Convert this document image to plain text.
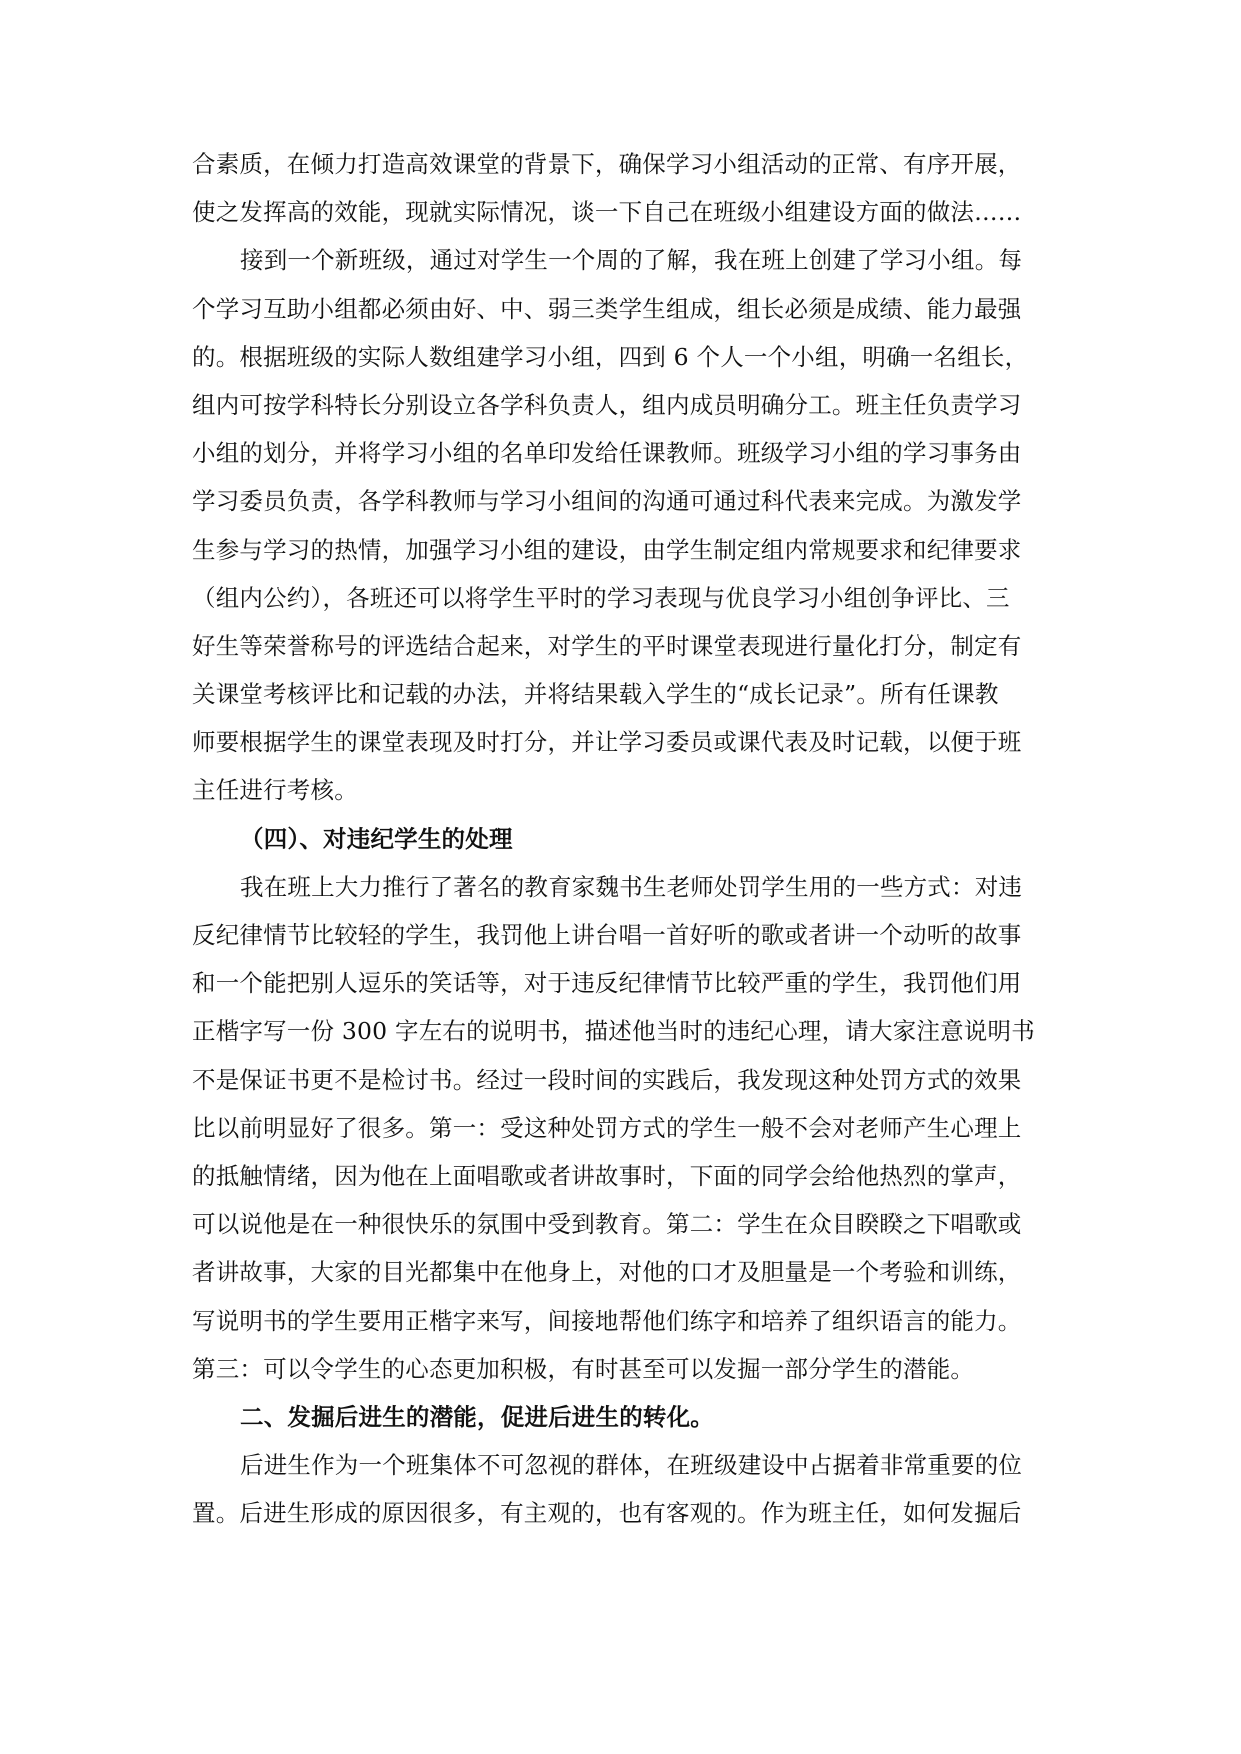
合素质，在倾力打造高效课堂的背景下，确保学习小组活动的正常、有序开展，
使之发挥高的效能，现就实际情况，谈一下自己在班级小组建设方面的做法……
接到一个新班级，通过对学生一个周的了解，我在班上创建了学习小组。每
个学习互助小组都必须由好、中、弱三类学生组成，组长必须是成绩、能力最强
的。根据班级的实际人数组建学习小组，四到 6 个人一个小组，明确一名组长，
组内可按学科特长分别设立各学科负责人，组内成员明确分工。班主任负责学习
小组的划分，并将学习小组的名单印发给任课教师。班级学习小组的学习事务由
学习委员负责，各学科教师与学习小组间的沟通可通过科代表来完成。为激发学
生参与学习的热情，加强学习小组的建设，由学生制定组内常规要求和纪律要求
（组内公约），各班还可以将学生平时的学习表现与优良学习小组创争评比、三
好生等荣誉称号的评选结合起来，对学生的平时课堂表现进行量化打分，制定有
关课堂考核评比和记载的办法，并将结果载入学生的“成长记录”。所有任课教
师要根据学生的课堂表现及时打分，并让学习委员或课代表及时记载，以便于班
主任进行考核。
（四）、对违纪学生的处理
我在班上大力推行了著名的教育家魏书生老师处罚学生用的一些方式：对违
反纪律情节比较轻的学生，我罚他上讲台唱一首好听的歌或者讲一个动听的故事
和一个能把别人逗乐的笑话等，对于违反纪律情节比较严重的学生，我罚他们用
正楷字写一份 300 字左右的说明书，描述他当时的违纪心理，请大家注意说明书
不是保证书更不是检讨书。经过一段时间的实践后，我发现这种处罚方式的效果
比以前明显好了很多。第一：受这种处罚方式的学生一般不会对老师产生心理上
的抵触情绪，因为他在上面唱歌或者讲故事时，下面的同学会给他热烈的掌声，
可以说他是在一种很快乐的氛围中受到教育。第二：学生在众目睽睽之下唱歌或
者讲故事，大家的目光都集中在他身上，对他的口才及胆量是一个考验和训练，
写说明书的学生要用正楷字来写，间接地帮他们练字和培养了组织语言的能力。
第三：可以令学生的心态更加积极，有时甚至可以发掘一部分学生的潜能。
二、发掘后进生的潜能，促进后进生的转化。
后进生作为一个班集体不可忽视的群体，在班级建设中占据着非常重要的位
置。后进生形成的原因很多，有主观的，也有客观的。作为班主任，如何发掘后
